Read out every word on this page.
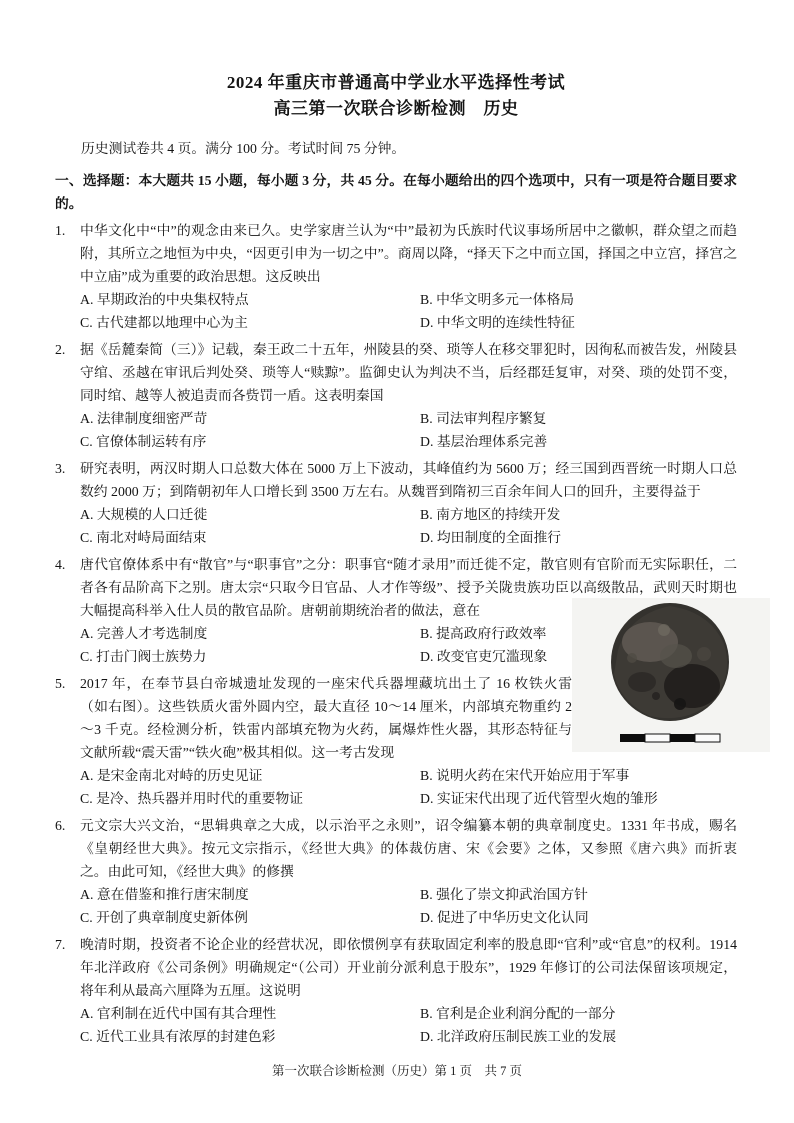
2024 年重庆市普通高中学业水平选择性考试
高三第一次联合诊断检测　历史
历史测试卷共 4 页。满分 100 分。考试时间 75 分钟。
一、选择题：本大题共 15 小题，每小题 3 分，共 45 分。在每小题给出的四个选项中，只有一项是符合题目要求的。
1.	中华文化中“中”的观念由来已久。史学家唐兰认为“中”最初为氏族时代议事场所居中之徽帜，群众望之而趋附，其所立之地恒为中央，“因更引申为一切之中”。商周以降，“择天下之中而立国，择国之中立宫，择宫之中立庙”成为重要的政治思想。这反映出
A. 早期政治的中央集权特点	B. 中华文明多元一体格局
C. 古代建都以地理中心为主	D. 中华文明的连续性特征
2.	据《岳麓秦简（三）》记载，秦王政二十五年，州陵县的癸、琐等人在移交罪犯时，因徇私而被告发，州陵县守绾、丞越在审讯后判处癸、琐等人“赎黥”。监御史认为判决不当，后经郡廷复审，对癸、琐的处罚不变，同时绾、越等人被追责而各赀罚一盾。这表明秦国
A. 法律制度细密严苛	B. 司法审判程序繁复
C. 官僚体制运转有序	D. 基层治理体系完善
3.	研究表明，两汉时期人口总数大体在 5000 万上下波动，其峰值约为 5600 万；经三国到西晋统一时期人口总数约 2000 万；到隋朝初年人口增长到 3500 万左右。从魏晋到隋初三百余年间人口的回升，主要得益于
A. 大规模的人口迁徙	B. 南方地区的持续开发
C. 南北对峙局面结束	D. 均田制度的全面推行
4.	唐代官僚体系中有“散官”与“职事官”之分：职事官“随才录用”而迁徙不定，散官则有官阶而无实际职任，二者各有品阶高下之别。唐太宗“只取今日官品、人才作等级”、授予关陇贵族功臣以高级散品，武则天时期也大幅提高科举入仕人员的散官品阶。唐朝前期统治者的做法，意在
A. 完善人才考选制度	B. 提高政府行政效率
C. 打击门阀士族势力	D. 改变官吏冗滥现象
5.	2017 年，在奉节县白帝城遗址发现的一座宋代兵器埋藏坑出土了 16 枚铁火雷（如右图）。这些铁质火雷外圆内空，最大直径 10～14 厘米，内部填充物重约 2～3 千克。经检测分析，铁雷内部填充物为火药，属爆炸性火器，其形态特征与文献所载“震天雷”“铁火砲”极其相似。这一考古发现
A. 是宋金南北对峙的历史见证	B. 说明火药在宋代开始应用于军事
C. 是冷、热兵器并用时代的重要物证	D. 实证宋代出现了近代管型火炮的雏形
6.	元文宗大兴文治，“思辑典章之大成，以示治平之永则”，诏令编纂本朝的典章制度史。1331 年书成，赐名《皇朝经世大典》。按元文宗指示，《经世大典》的体裁仿唐、宋《会要》之体，又参照《唐六典》而折衷之。由此可知，《经世大典》的修撰
A. 意在借鉴和推行唐宋制度	B. 强化了崇文抑武治国方针
C. 开创了典章制度史新体例	D. 促进了中华历史文化认同
7.	晚清时期，投资者不论企业的经营状况，即依惯例享有获取固定利率的股息即“官利”或“官息”的权利。1914 年北洋政府《公司条例》明确规定“（公司）开业前分派利息于股东”，1929 年修订的公司法保留该项规定，将年利从最高六厘降为五厘。这说明
A. 官利制在近代中国有其合理性	B. 官利是企业利润分配的一部分
C. 近代工业具有浓厚的封建色彩	D. 北洋政府压制民族工业的发展
第一次联合诊断检测（历史）第 1 页　共 7 页
